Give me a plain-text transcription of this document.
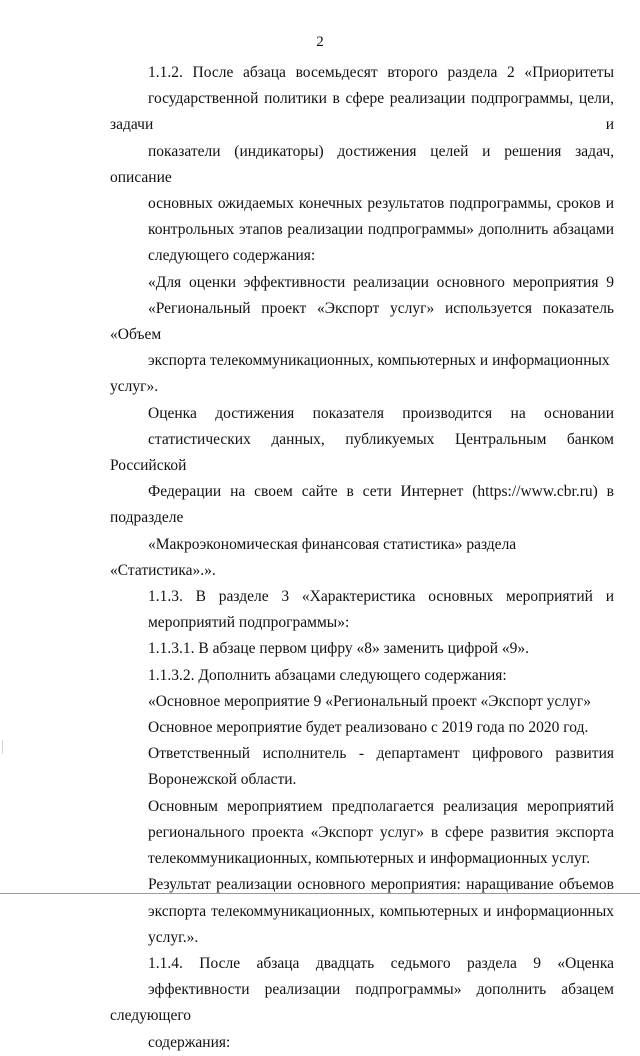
2

1.1.2. После абзаца восемьдесят второго раздела 2 «Приоритеты
государственной политики в сфере реализации подпрограммы, цели, задачи и
показатели (индикаторы) достижения целей и решения задач, описание
основных ожидаемых конечных результатов подпрограммы, сроков и
контрольных этапов реализации подпрограммы» дополнить абзацами
следующего содержания:

«Для оценки эффективности реализации основного мероприятия 9
«Региональный проект «Экспорт услуг» используется показатель «Объем
экспорта телекоммуникационных, компьютерных и информационных услуг».

Оценка достижения показателя производится на основании
статистических данных, публикуемых Центральным банком Российской
Федерации на своем сайте в сети Интернет (https://www.cbr.ru) в подразделе
«Макроэкономическая финансовая статистика» раздела «Статистика».».

1.1.3. В разделе 3 «Характеристика основных мероприятий и
мероприятий подпрограммы»:

1.1.3.1. В абзаце первом цифру «8» заменить цифрой «9».

1.1.3.2. Дополнить абзацами следующего содержания:

«Основное мероприятие 9 «Региональный проект «Экспорт услуг»

Основное мероприятие будет реализовано с 2019 года по 2020 год.

Ответственный исполнитель - департамент цифрового развития
Воронежской области.

Основным мероприятием предполагается реализация мероприятий
регионального проекта «Экспорт услуг» в сфере развития экспорта
телекоммуникационных, компьютерных и информационных услуг.

Результат реализации основного мероприятия: наращивание объемов
экспорта телекоммуникационных, компьютерных и информационных
услуг.».

1.1.4. После абзаца двадцать седьмого раздела 9 «Оценка
эффективности реализации подпрограммы» дополнить абзацем следующего
содержания:
